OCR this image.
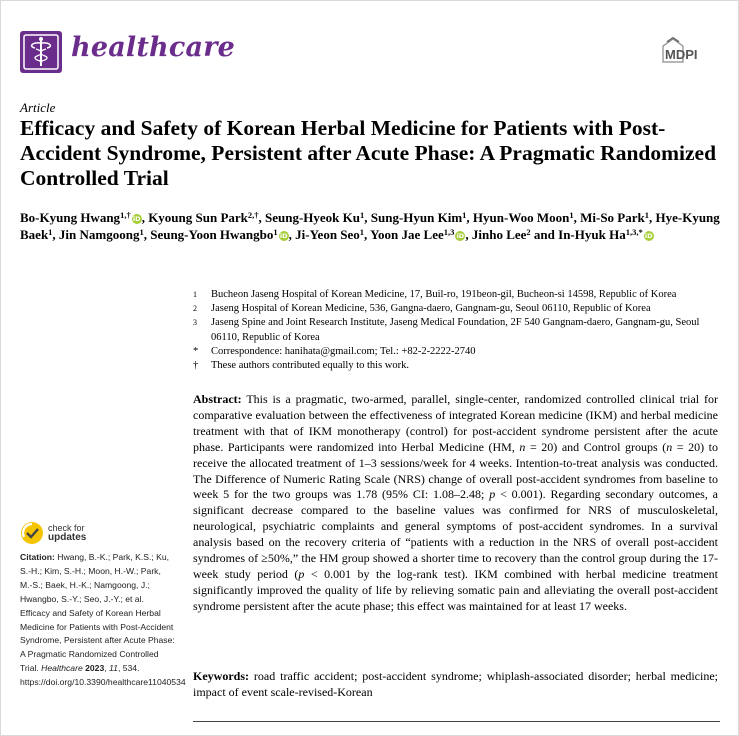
healthcare	MDPI
Article
Efficacy and Safety of Korean Herbal Medicine for Patients with Post-Accident Syndrome, Persistent after Acute Phase: A Pragmatic Randomized Controlled Trial
Bo-Kyung Hwang$^{1,\dagger}$ iD, Kyoung Sun Park$^{2,\dagger}$, Seung-Hyeok Ku$^1$, Sung-Hyun Kim$^1$, Hyun-Woo Moon$^1$, Mi-So Park$^1$, Hye-Kyung Baek$^1$, Jin Namgoong$^1$, Seung-Yoon Hwangbo$^1$ iD, Ji-Yeon Seo$^1$, Yoon Jae Lee$^{1,3}$ iD, Jinho Lee$^2$ and In-Hyuk $Ha^{1,3,*}$ iD
1	Bucheon Jaseng Hospital of Korean Medicine, 17, Buil-ro, 191beon-gil, Bucheon-si 14598, Republic of Korea
2	Jaseng Hospital of Korean Medicine, 536, Gangna-daero, Gangnam-gu, Seoul 06110, Republic of Korea
3	Jaseng Spine and Joint Research Institute, Jaseng Medical Foundation, 2F 540 Gangnam-daero, Gangnam-gu, Seoul 06110, Republic of Korea
*	Correspondence: hanihata@gmail.com; Tel.: +82-2-2222-2740
†	These authors contributed equally to this work.
Abstract: This is a pragmatic, two-armed, parallel, single-center, randomized controlled clinical trial for comparative evaluation between the effectiveness of integrated Korean medicine (IKM) and herbal medicine treatment with that of IKM monotherapy (control) for post-accident syndrome persistent after the acute phase. Participants were randomized into Herbal Medicine (HM, n = 20) and Control groups (n = 20) to receive the allocated treatment of 1–3 sessions/week for 4 weeks. Intention-to-treat analysis was conducted. The Difference of Numeric Rating Scale (NRS) change of overall post-accident syndromes from baseline to week 5 for the two groups was 1.78 (95% CI: 1.08–2.48; p < 0.001). Regarding secondary outcomes, a significant decrease compared to the baseline values was confirmed for NRS of musculoskeletal, neurological, psychiatric complaints and general symptoms of post-accident syndromes. In a survival analysis based on the recovery criteria of “patients with a reduction in the NRS of overall post-accident syndromes of ≥50%,” the HM group showed a shorter time to recovery than the control group during the 17-week study period (p < 0.001 by the log-rank test). IKM combined with herbal medicine treatment significantly improved the quality of life by relieving somatic pain and alleviating the overall post-accident syndrome persistent after the acute phase; this effect was maintained for at least 17 weeks.
Keywords: road traffic accident; post-accident syndrome; whiplash-associated disorder; herbal medicine; impact of event scale-revised-Korean
check for
updates
Citation: Hwang, B.-K.; Park, K.S.; Ku, S.-H.; Kim, S.-H.; Moon, H.-W.; Park, M.-S.; Baek, H.-K.; Namgoong, J.; Hwangbo, S.-Y.; Seo, J.-Y.; et al. Efficacy and Safety of Korean Herbal Medicine for Patients with Post-Accident Syndrome, Persistent after Acute Phase: A Pragmatic Randomized Controlled Trial. Healthcare 2023, 11, 534. https://doi.org/10.3390/healthcare11040534
